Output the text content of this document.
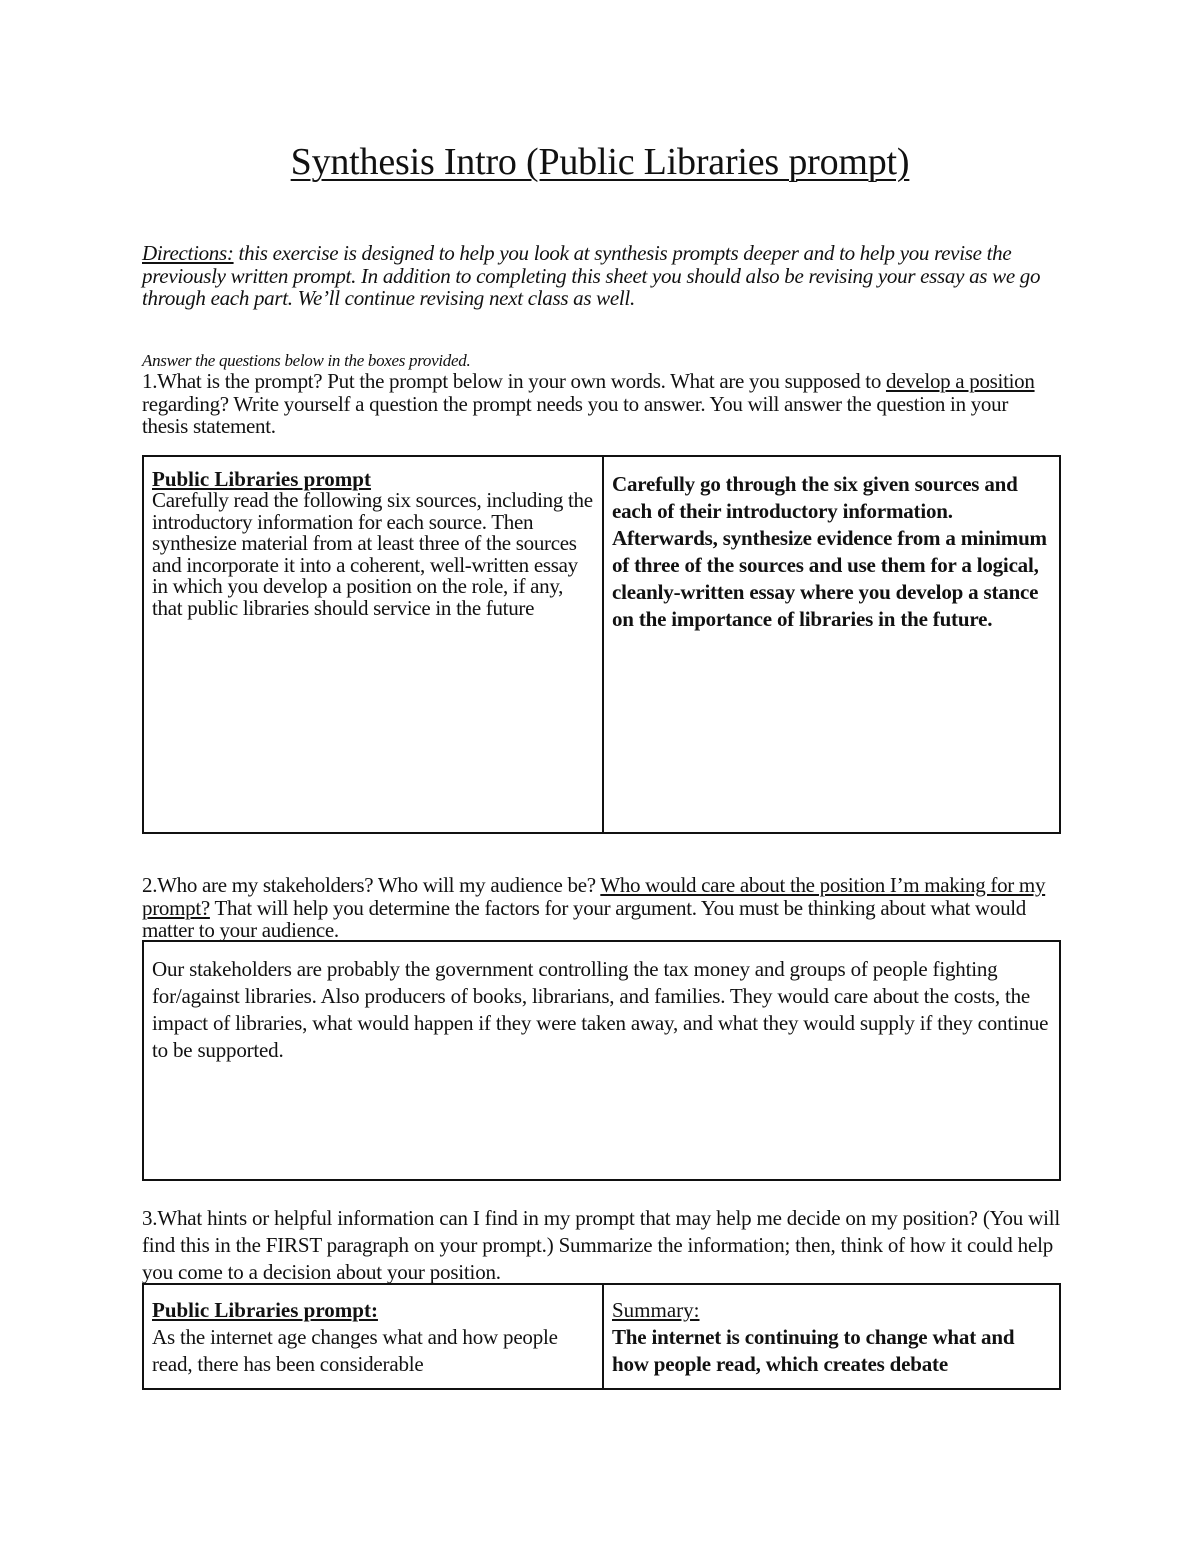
Synthesis Intro (Public Libraries prompt)
Directions: this exercise is designed to help you look at synthesis prompts deeper and to help you revise the previously written prompt. In addition to completing this sheet you should also be revising your essay as we go through each part. We’ll continue revising next class as well.
Answer the questions below in the boxes provided.
1.What is the prompt? Put the prompt below in your own words. What are you supposed to develop a position regarding? Write yourself a question the prompt needs you to answer. You will answer the question in your thesis statement.
Public Libraries prompt
Carefully read the following six sources, including the introductory information for each source. Then synthesize material from at least three of the sources and incorporate it into a coherent, well-written essay in which you develop a position on the role, if any, that public libraries should service in the future
Carefully go through the six given sources and each of their introductory information. Afterwards, synthesize evidence from a minimum of three of the sources and use them for a logical, cleanly-written essay where you develop a stance on the importance of libraries in the future.
2.Who are my stakeholders? Who will my audience be? Who would care about the position I’m making for my prompt? That will help you determine the factors for your argument. You must be thinking about what would matter to your audience.
Our stakeholders are probably the government controlling the tax money and groups of people fighting for/against libraries. Also producers of books, librarians, and families. They would care about the costs, the impact of libraries, what would happen if they were taken away, and what they would supply if they continue to be supported.
3.What hints or helpful information can I find in my prompt that may help me decide on my position? (You will find this in the FIRST paragraph on your prompt.) Summarize the information; then, think of how it could help you come to a decision about your position.
Public Libraries prompt:
As the internet age changes what and how people read, there has been considerable
Summary:
The internet is continuing to change what and how people read, which creates debate
